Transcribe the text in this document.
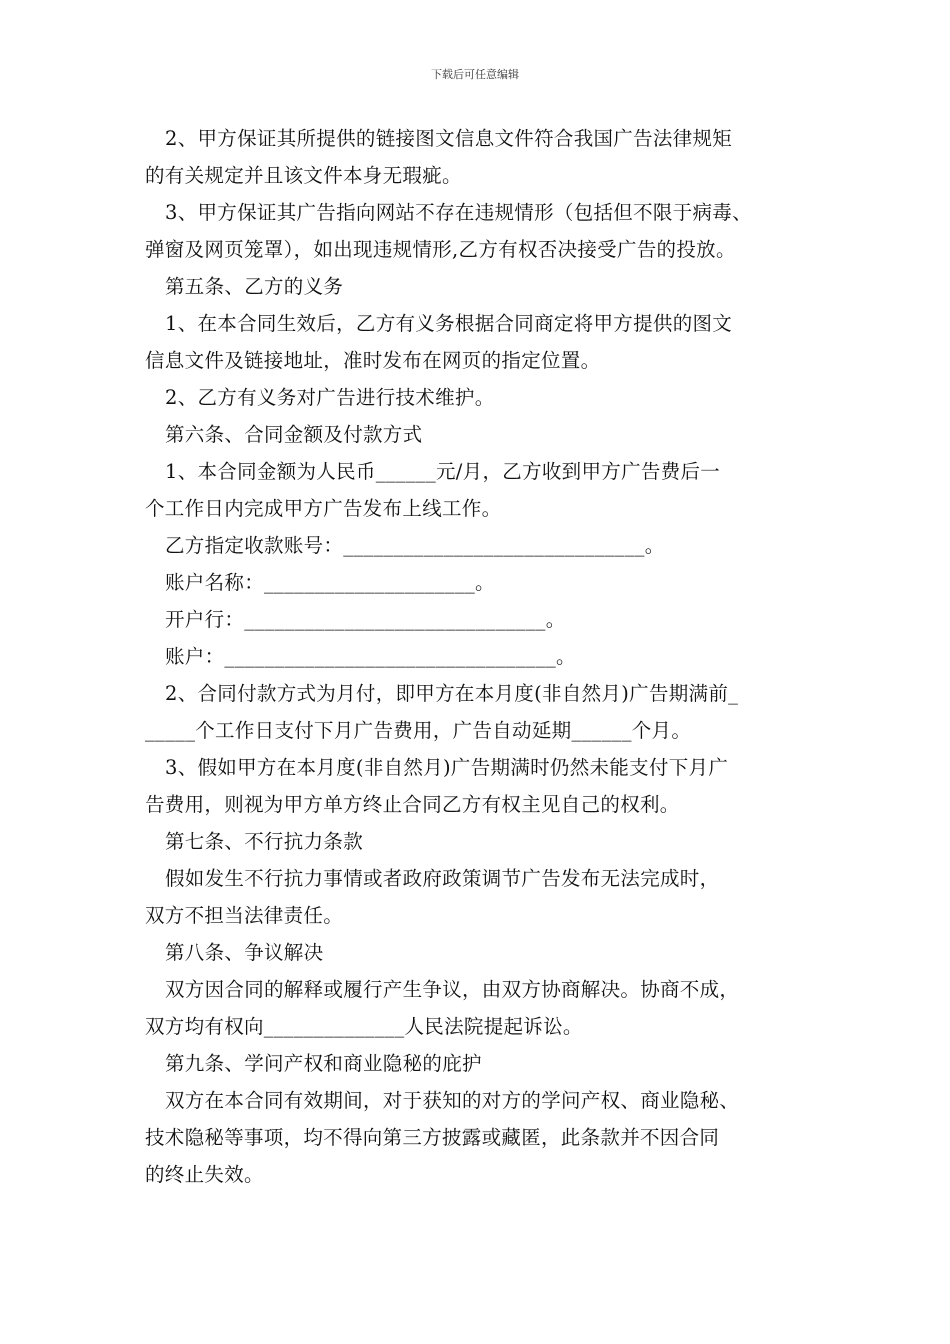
下载后可任意编辑
2、甲方保证其所提供的链接图文信息文件符合我国广告法律规矩
的有关规定并且该文件本身无瑕疵。
3、甲方保证其广告指向网站不存在违规情形（包括但不限于病毒、
弹窗及网页笼罩），如出现违规情形,乙方有权否决接受广告的投放。
第五条、乙方的义务
1、在本合同生效后，乙方有义务根据合同商定将甲方提供的图文
信息文件及链接地址，准时发布在网页的指定位置。
2、乙方有义务对广告进行技术维护。
第六条、合同金额及付款方式
1、本合同金额为人民币______元/月，乙方收到甲方广告费后一
个工作日内完成甲方广告发布上线工作。
乙方指定收款账号：______________________________。
账户名称：_____________________。
开户行：______________________________。
账户：_________________________________。
2、合同付款方式为月付，即甲方在本月度(非自然月)广告期满前_
_____个工作日支付下月广告费用，广告自动延期______个月。
3、假如甲方在本月度(非自然月)广告期满时仍然未能支付下月广
告费用，则视为甲方单方终止合同乙方有权主见自己的权利。
第七条、不行抗力条款
假如发生不行抗力事情或者政府政策调节广告发布无法完成时，
双方不担当法律责任。
第八条、争议解决
双方因合同的解释或履行产生争议，由双方协商解决。协商不成，
双方均有权向______________人民法院提起诉讼。
第九条、学问产权和商业隐秘的庇护
双方在本合同有效期间，对于获知的对方的学问产权、商业隐秘、
技术隐秘等事项，均不得向第三方披露或藏匿，此条款并不因合同
的终止失效。
